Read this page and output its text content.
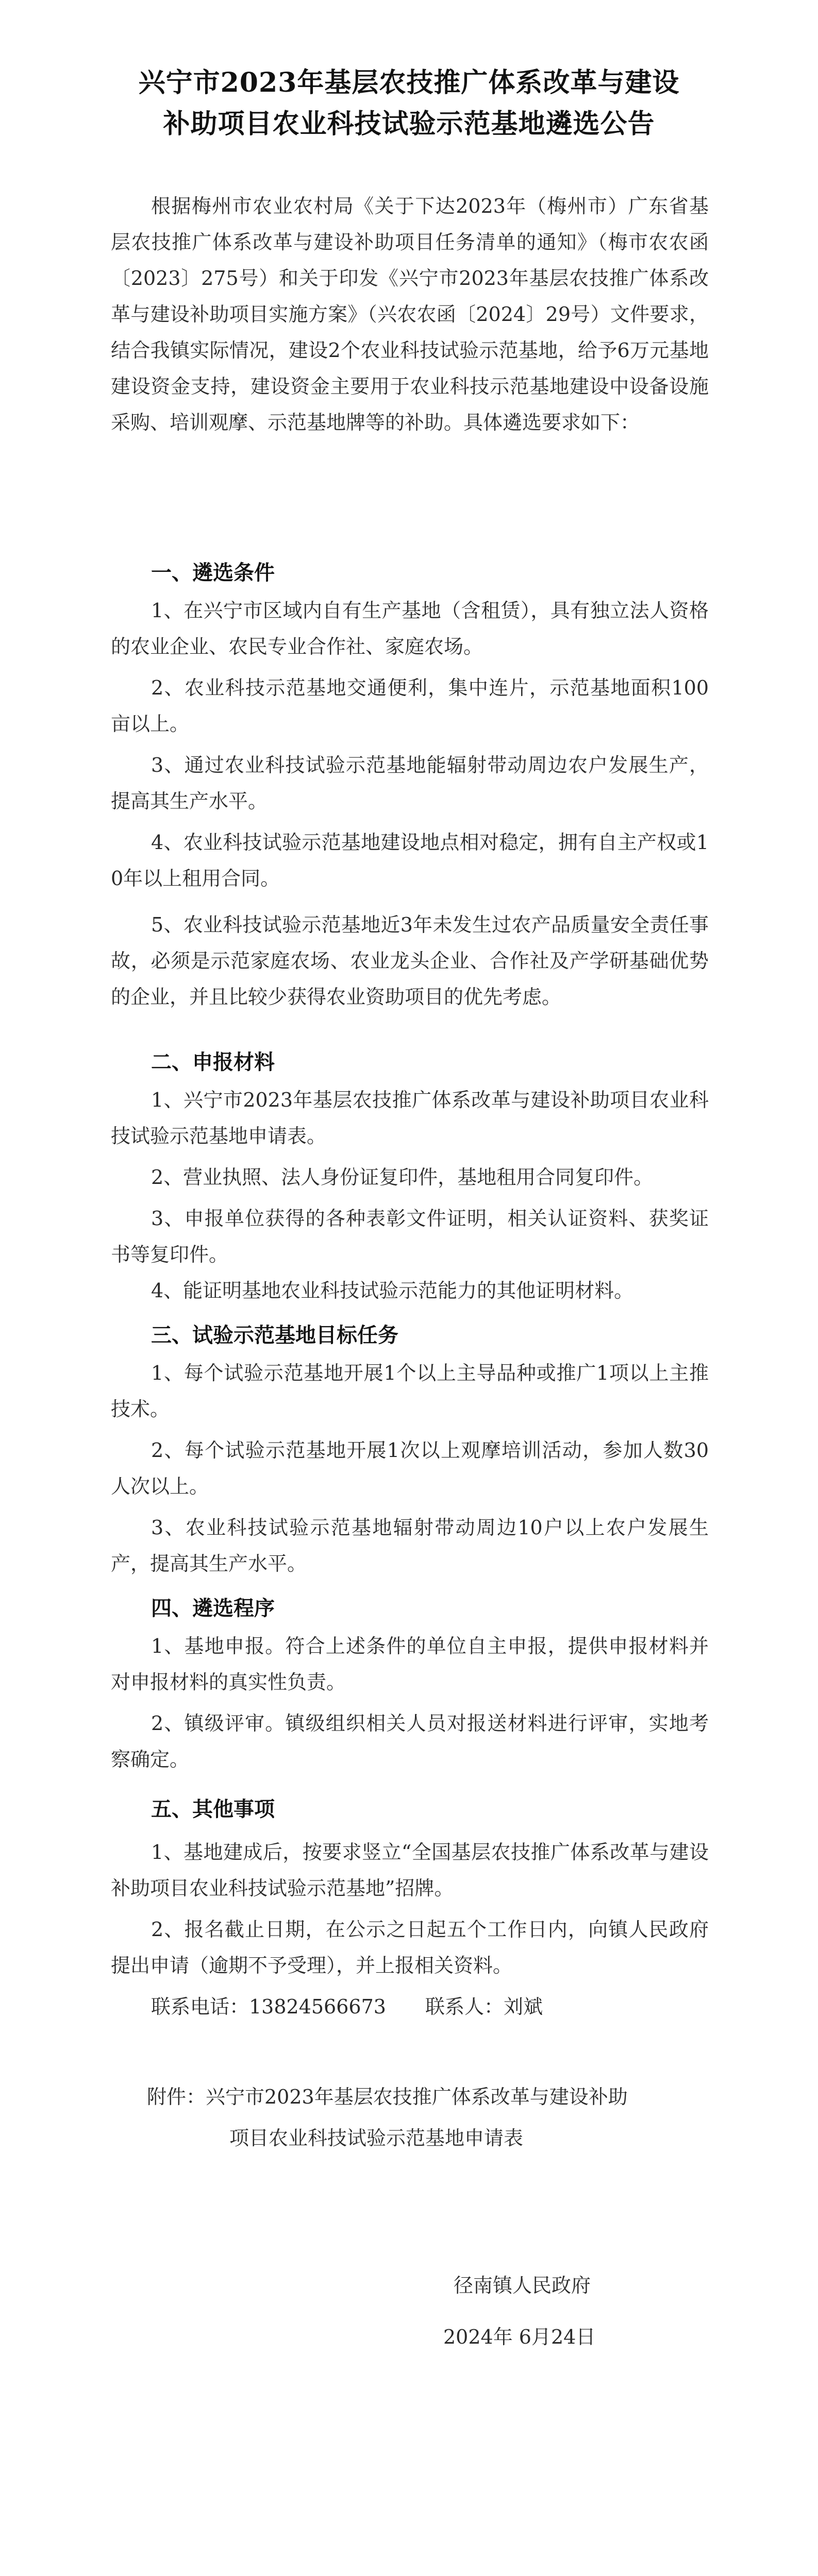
兴宁市2023年基层农技推广体系改革与建设
补助项目农业科技试验示范基地遴选公告

根据梅州市农业农村局《关于下达2023年（梅州市）广东省基层农技推广体系改革与建设补助项目任务清单的通知》（梅市农农函〔2023〕275号）和关于印发《兴宁市2023年基层农技推广体系改革与建设补助项目实施方案》（兴农农函〔2024〕29号）文件要求，结合我镇实际情况，建设2个农业科技试验示范基地，给予6万元基地建设资金支持，建设资金主要用于农业科技示范基地建设中设备设施采购、培训观摩、示范基地牌等的补助。具体遴选要求如下：

一、遴选条件

1、在兴宁市区域内自有生产基地（含租赁），具有独立法人资格的农业企业、农民专业合作社、家庭农场。

2、农业科技示范基地交通便利，集中连片，示范基地面积100亩以上。

3、通过农业科技试验示范基地能辐射带动周边农户发展生产，提高其生产水平。

4、农业科技试验示范基地建设地点相对稳定，拥有自主产权或10年以上租用合同。

5、农业科技试验示范基地近3年未发生过农产品质量安全责任事故，必须是示范家庭农场、农业龙头企业、合作社及产学研基础优势的企业，并且比较少获得农业资助项目的优先考虑。

二、申报材料

1、兴宁市2023年基层农技推广体系改革与建设补助项目农业科技试验示范基地申请表。

2、营业执照、法人身份证复印件，基地租用合同复印件。

3、申报单位获得的各种表彰文件证明，相关认证资料、获奖证书等复印件。

4、能证明基地农业科技试验示范能力的其他证明材料。

三、试验示范基地目标任务

1、每个试验示范基地开展1个以上主导品种或推广1项以上主推技术。

2、每个试验示范基地开展1次以上观摩培训活动，参加人数30人次以上。

3、农业科技试验示范基地辐射带动周边10户以上农户发展生产，提高其生产水平。

四、遴选程序

1、基地申报。符合上述条件的单位自主申报，提供申报材料并对申报材料的真实性负责。

2、镇级评审。镇级组织相关人员对报送材料进行评审，实地考察确定。

五、其他事项

1、基地建成后，按要求竖立“全国基层农技推广体系改革与建设补助项目农业科技试验示范基地”招牌。

2、报名截止日期，在公示之日起五个工作日内，向镇人民政府提出申请（逾期不予受理），并上报相关资料。

联系电话：13824566673　　联系人：刘斌

附件：兴宁市2023年基层农技推广体系改革与建设补助
项目农业科技试验示范基地申请表

径南镇人民政府
2024年 6月24日
